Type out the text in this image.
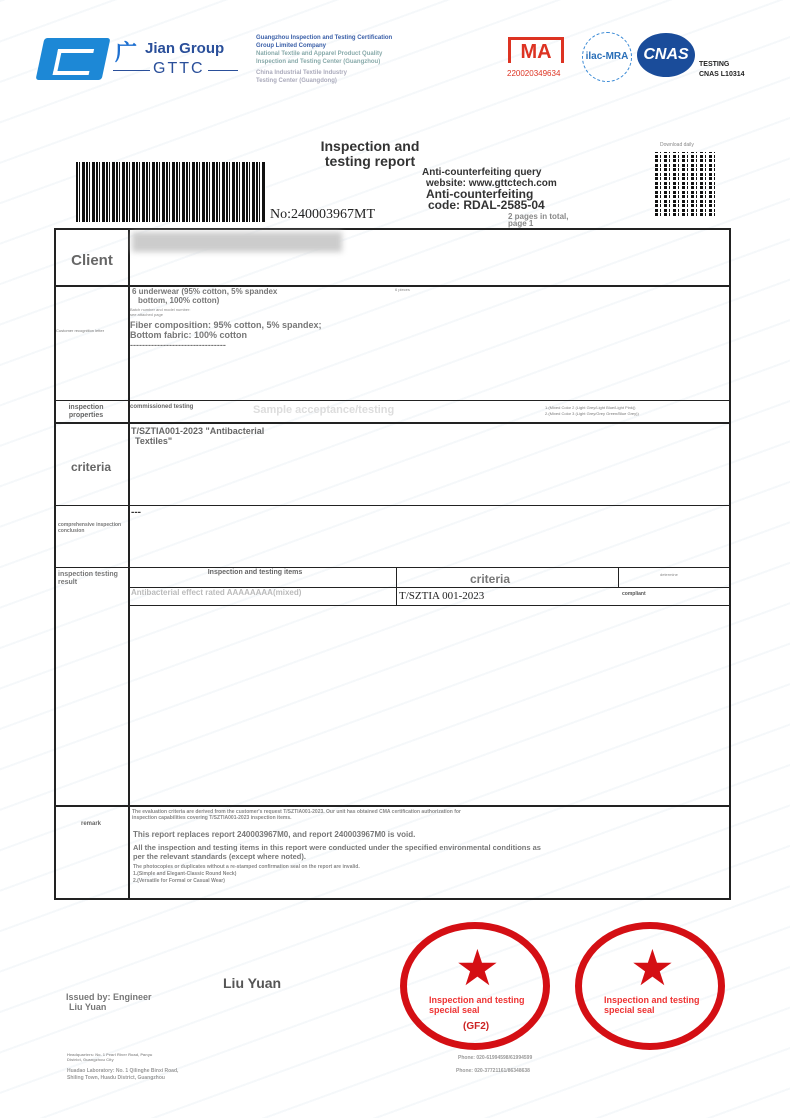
广 Jian Group
GTTC
Guangzhou Inspection and Testing Certification
Group Limited Company
National Textile and Apparel Product Quality
Inspection and Testing Center (Guangzhou)
China Industrial Textile Industry
Testing Center (Guangdong)
MA
220020349634
ilac-MRA CNAS
TESTING
CNAS L10314
Inspection and
testing report
Anti-counterfeiting query
website: www.gttctech.com
Anti-counterfeiting
code: RDAL-2585-04
2 pages in total,
page 1
Download daily
No:240003967MT
Client
6 underwear (95% cotton, 5% spandex
bottom, 100% cotton)
Batch number and model number:
see attached page
6 pieces
Customer recognition letter
Fiber composition: 95% cotton, 5% spandex;
Bottom fabric: 100% cotton
--------------------------------
inspection properties
commissioned testing	Sample acceptance/testing	1.(Mixed Color 2 (Light Grey/Light Blue/Light Pink))
2.(Mixed Color 3 (Light Grey/Grey Green/Blue Grey))
criteria
T/SZTIA001-2023 "Antibacterial
Textiles"
comprehensive inspection conclusion
---
inspection testing result
Inspection and testing items	criteria	determine
Antibacterial effect rated AAAAAAAA(mixed)	T/SZTIA 001-2023	compliant
remark
The evaluation criteria are derived from the customer's request T/SZTIA001-2023. Our unit has obtained CMA certification authorization for inspection capabilities covering T/SZTIA001-2023 inspection items.
This report replaces report 240003967M0, and report 240003967M0 is void.
All the inspection and testing items in this report were conducted under the specified environmental conditions as per the relevant standards (except where noted).
The photocopies or duplicates without a re-stamped confirmation seal on the report are invalid.
1.(Simple and Elegant-Classic Round Neck)
2.(Versatile for Formal or Casual Wear)
Liu Yuan
Issued by: Engineer
Liu Yuan
Headquarters: No. 1 Pearl River Road, Panyu District, Guangzhou City
Huadao Laboratory: No. 1 Qilinghe Binxi Road, Shiling Town, Huadu District, Guangzhou
Phone: 020-61994598/61994599
Phone: 020-37721161/86348638
★
Inspection and testing special seal
(GF2)
★
Inspection and testing special seal
